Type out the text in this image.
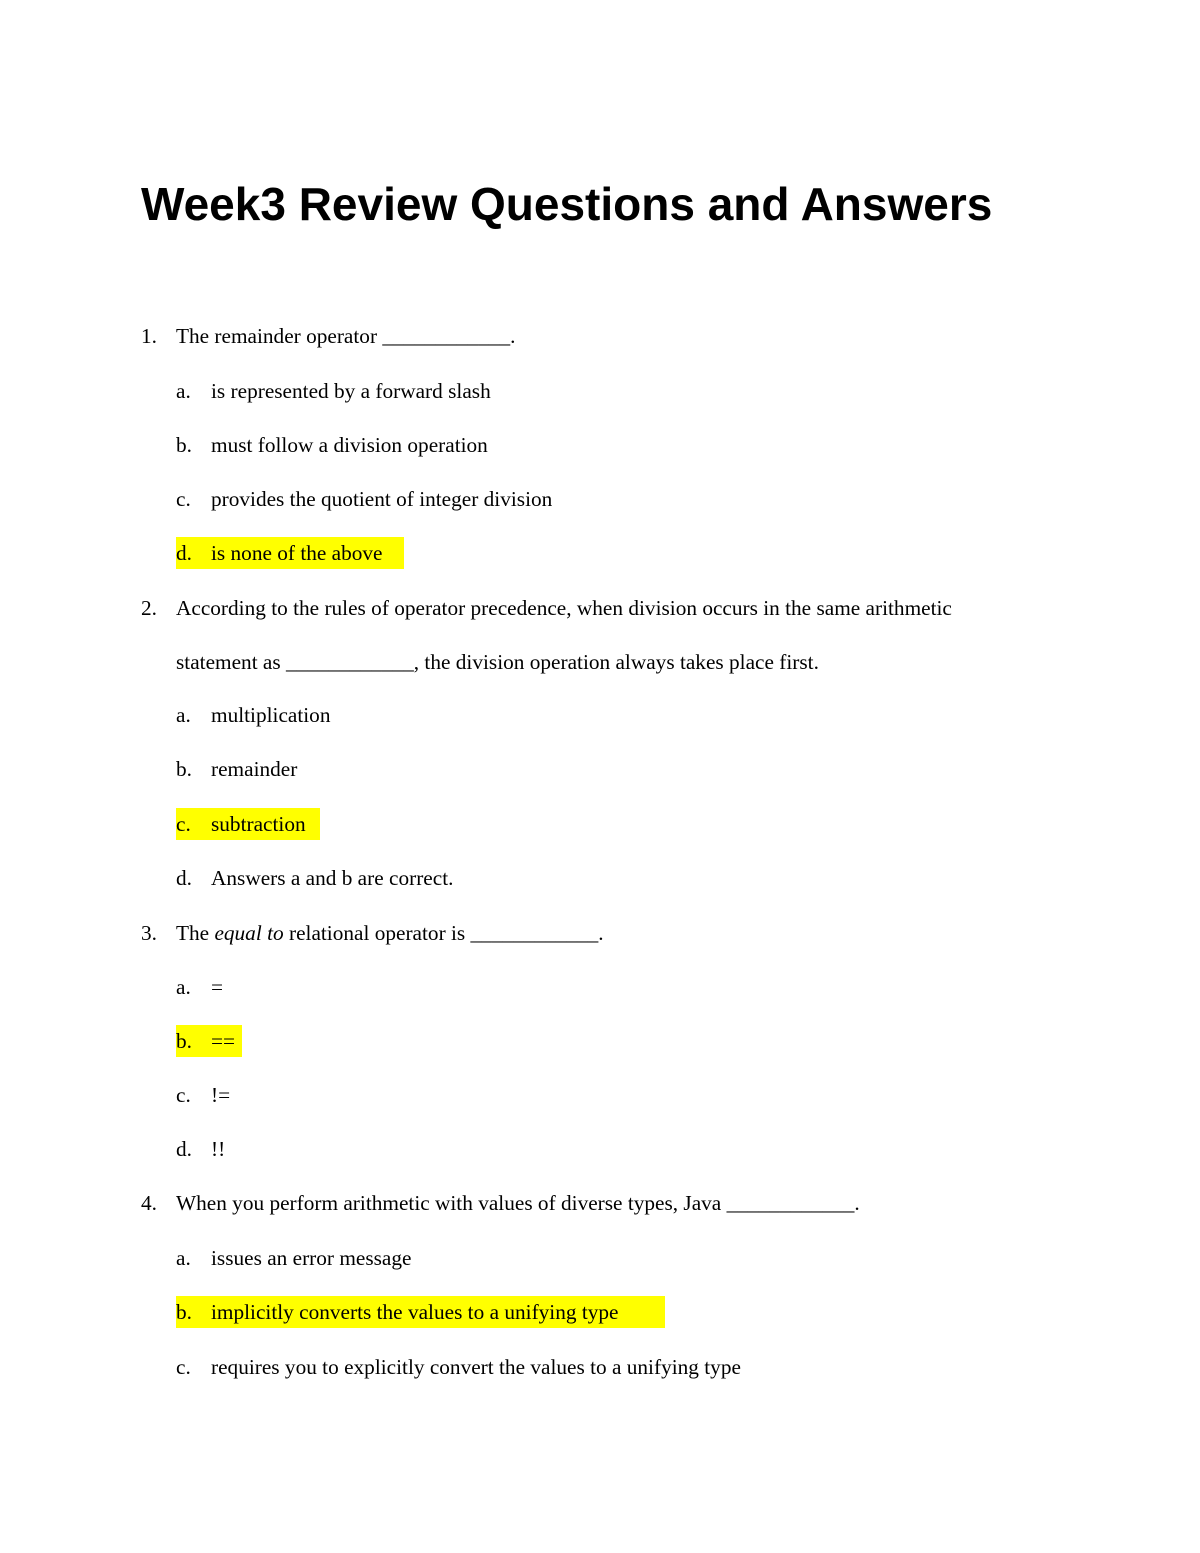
Week3 Review Questions and Answers
1. The remainder operator ____________.
a. is represented by a forward slash
b. must follow a division operation
c. provides the quotient of integer division
d. is none of the above
2. According to the rules of operator precedence, when division occurs in the same arithmetic
statement as ____________, the division operation always takes place first.
a. multiplication
b. remainder
c. subtraction
d. Answers a and b are correct.
3. The equal to relational operator is ____________.
a. =
b. ==
c. !=
d. !!
4. When you perform arithmetic with values of diverse types, Java ____________.
a. issues an error message
b. implicitly converts the values to a unifying type
c. requires you to explicitly convert the values to a unifying type
